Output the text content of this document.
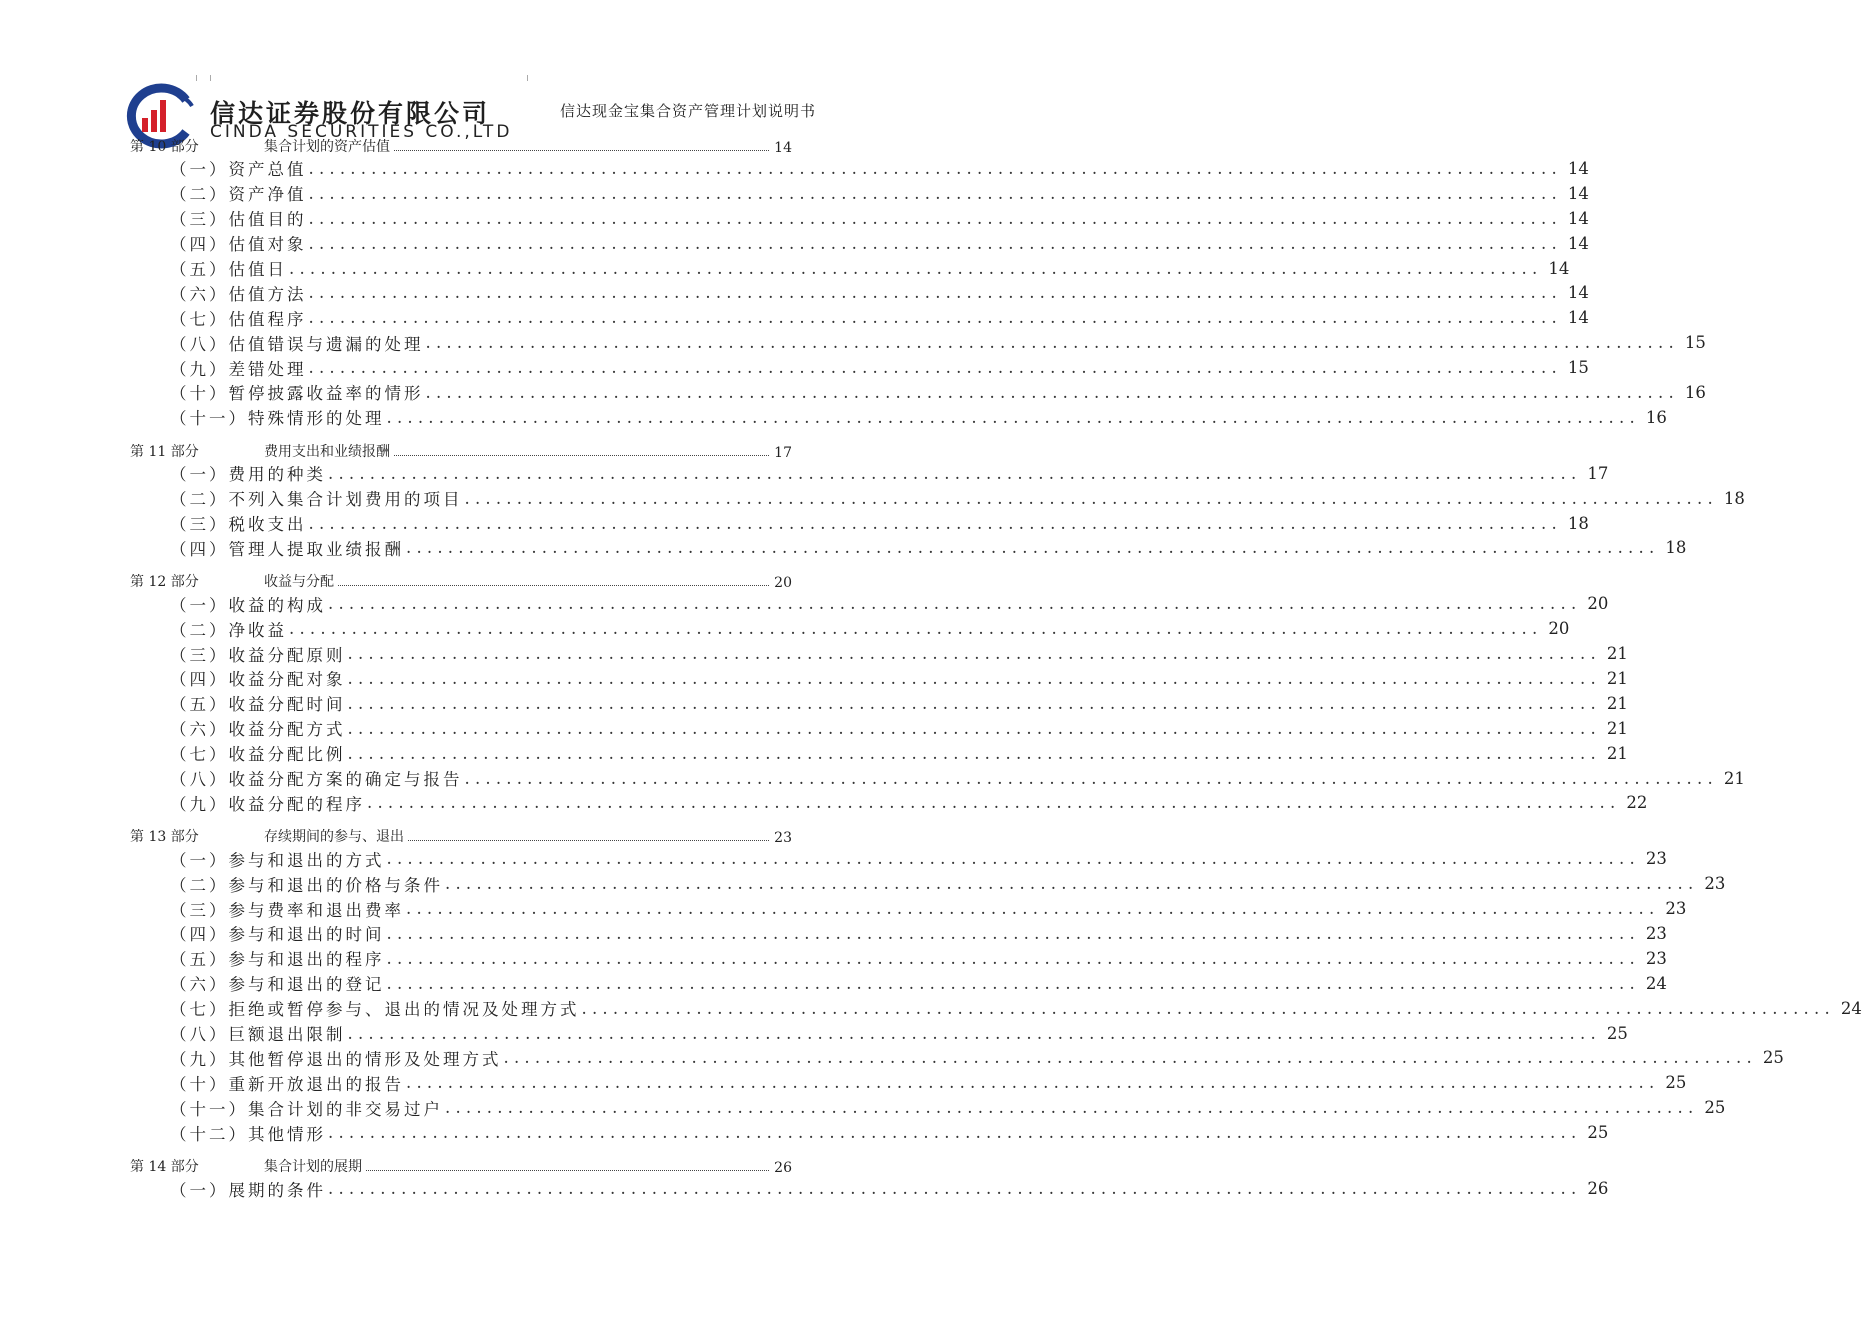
信达证券股份有限公司
CINDA SECURITIES CO.,LTD
信达现金宝集合资产管理计划说明书
第 10 部分	集合计划的资产估值	14
（一）资产总值 ........................................................................................................................ 14
（二）资产净值 ........................................................................................................................ 14
（三）估值目的 ........................................................................................................................ 14
（四）估值对象 ........................................................................................................................ 14
（五）估值日 ........................................................................................................................ 14
（六）估值方法 ........................................................................................................................ 14
（七）估值程序 ........................................................................................................................ 14
（八）估值错误与遗漏的处理 ........................................................................................................................ 15
（九）差错处理 ........................................................................................................................ 15
（十）暂停披露收益率的情形 ........................................................................................................................ 16
（十一）特殊情形的处理 ........................................................................................................................ 16
第 11 部分	费用支出和业绩报酬	17
（一）费用的种类 ........................................................................................................................ 17
（二）不列入集合计划费用的项目 ........................................................................................................................ 18
（三）税收支出 ........................................................................................................................ 18
（四）管理人提取业绩报酬 ........................................................................................................................ 18
第 12 部分	收益与分配	20
（一）收益的构成 ........................................................................................................................ 20
（二）净收益 ........................................................................................................................ 20
（三）收益分配原则 ........................................................................................................................ 21
（四）收益分配对象 ........................................................................................................................ 21
（五）收益分配时间 ........................................................................................................................ 21
（六）收益分配方式 ........................................................................................................................ 21
（七）收益分配比例 ........................................................................................................................ 21
（八）收益分配方案的确定与报告 ........................................................................................................................ 21
（九）收益分配的程序 ........................................................................................................................ 22
第 13 部分	存续期间的参与、退出	23
（一）参与和退出的方式 ........................................................................................................................ 23
（二）参与和退出的价格与条件 ........................................................................................................................ 23
（三）参与费率和退出费率 ........................................................................................................................ 23
（四）参与和退出的时间 ........................................................................................................................ 23
（五）参与和退出的程序 ........................................................................................................................ 23
（六）参与和退出的登记 ........................................................................................................................ 24
（七）拒绝或暂停参与、退出的情况及处理方式 ........................................................................................................................ 24
（八）巨额退出限制 ........................................................................................................................ 25
（九）其他暂停退出的情形及处理方式 ........................................................................................................................ 25
（十）重新开放退出的报告 ........................................................................................................................ 25
（十一）集合计划的非交易过户 ........................................................................................................................ 25
（十二）其他情形 ........................................................................................................................ 25
第 14 部分	集合计划的展期	26
（一）展期的条件 ........................................................................................................................ 26
